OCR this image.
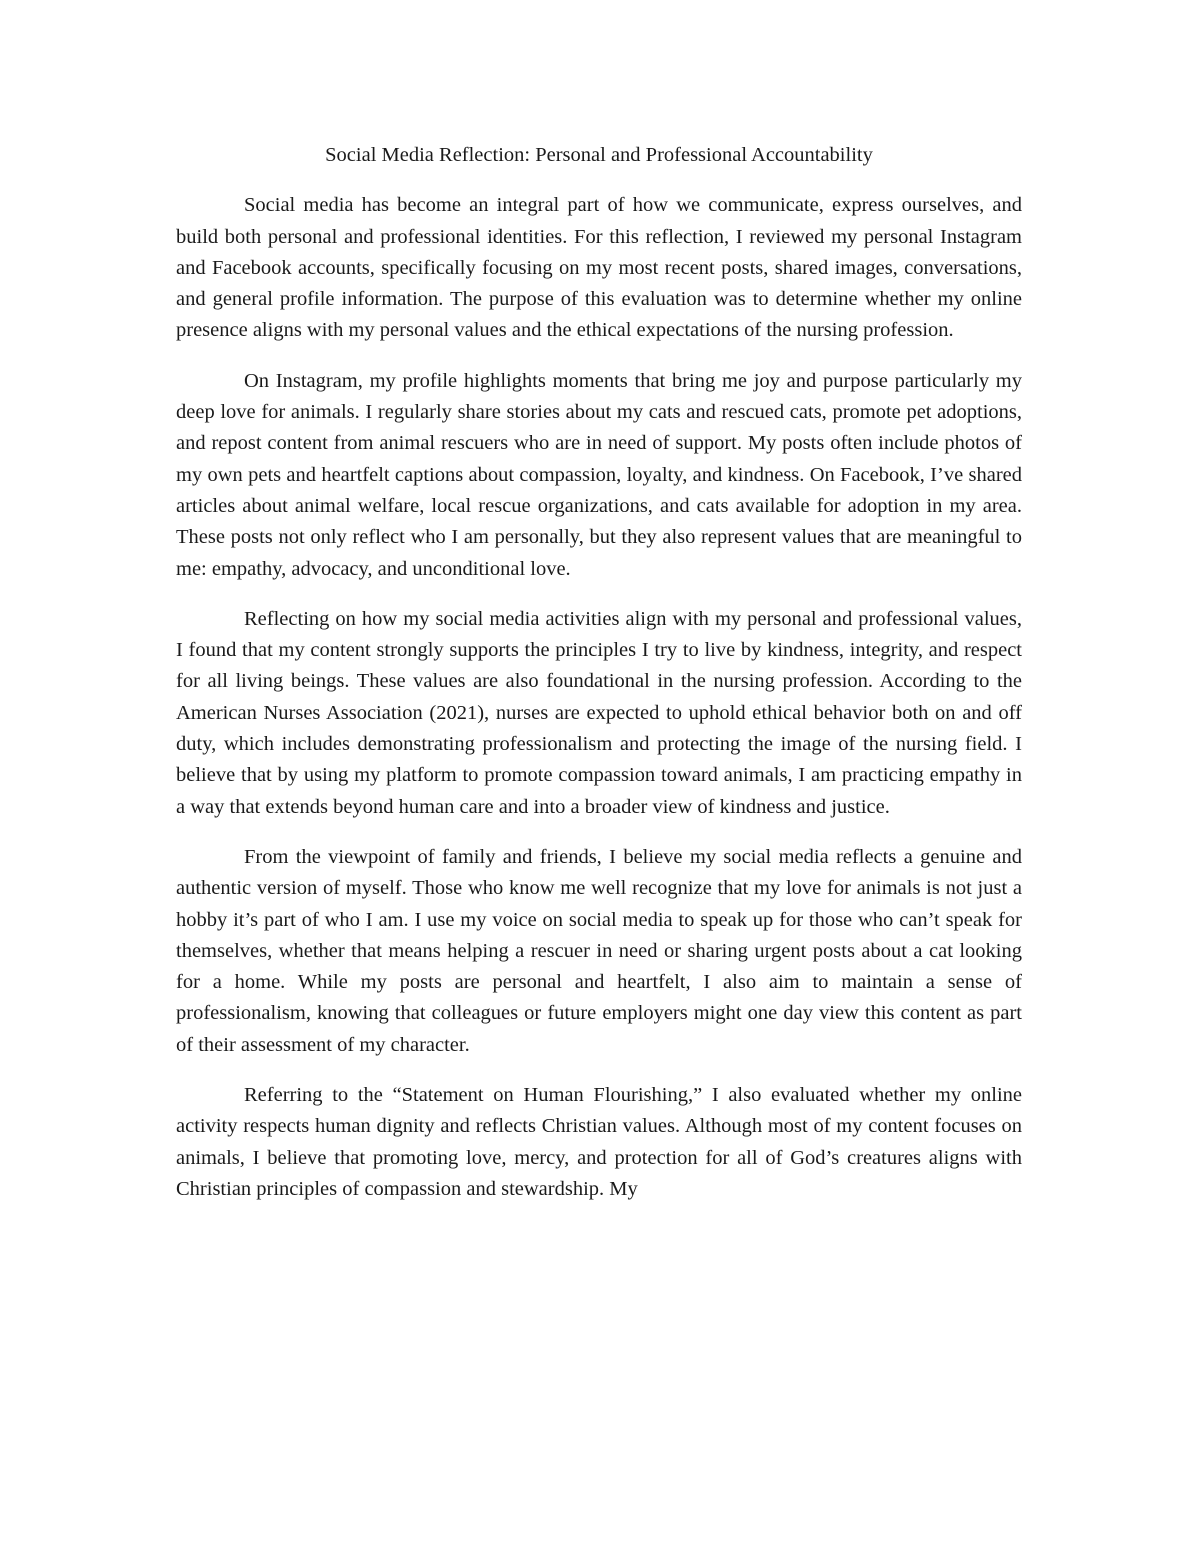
Social Media Reflection: Personal and Professional Accountability

Social media has become an integral part of how we communicate, express ourselves, and build both personal and professional identities. For this reflection, I reviewed my personal Instagram and Facebook accounts, specifically focusing on my most recent posts, shared images, conversations, and general profile information. The purpose of this evaluation was to determine whether my online presence aligns with my personal values and the ethical expectations of the nursing profession.

On Instagram, my profile highlights moments that bring me joy and purpose particularly my deep love for animals. I regularly share stories about my cats and rescued cats, promote pet adoptions, and repost content from animal rescuers who are in need of support. My posts often include photos of my own pets and heartfelt captions about compassion, loyalty, and kindness. On Facebook, I’ve shared articles about animal welfare, local rescue organizations, and cats available for adoption in my area. These posts not only reflect who I am personally, but they also represent values that are meaningful to me: empathy, advocacy, and unconditional love.

Reflecting on how my social media activities align with my personal and professional values, I found that my content strongly supports the principles I try to live by kindness, integrity, and respect for all living beings. These values are also foundational in the nursing profession. According to the American Nurses Association (2021), nurses are expected to uphold ethical behavior both on and off duty, which includes demonstrating professionalism and protecting the image of the nursing field. I believe that by using my platform to promote compassion toward animals, I am practicing empathy in a way that extends beyond human care and into a broader view of kindness and justice.

From the viewpoint of family and friends, I believe my social media reflects a genuine and authentic version of myself. Those who know me well recognize that my love for animals is not just a hobby it’s part of who I am. I use my voice on social media to speak up for those who can’t speak for themselves, whether that means helping a rescuer in need or sharing urgent posts about a cat looking for a home. While my posts are personal and heartfelt, I also aim to maintain a sense of professionalism, knowing that colleagues or future employers might one day view this content as part of their assessment of my character.

Referring to the “Statement on Human Flourishing,” I also evaluated whether my online activity respects human dignity and reflects Christian values. Although most of my content focuses on animals, I believe that promoting love, mercy, and protection for all of God’s creatures aligns with Christian principles of compassion and stewardship. My
